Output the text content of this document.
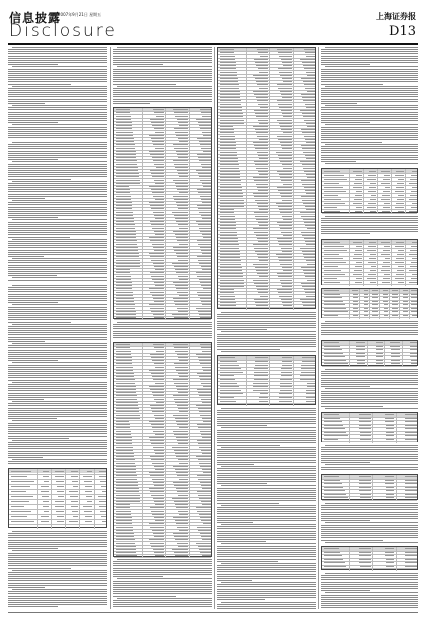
信息披露
2007年9月21日 星期五
Disclosure
上海证券报
D13
